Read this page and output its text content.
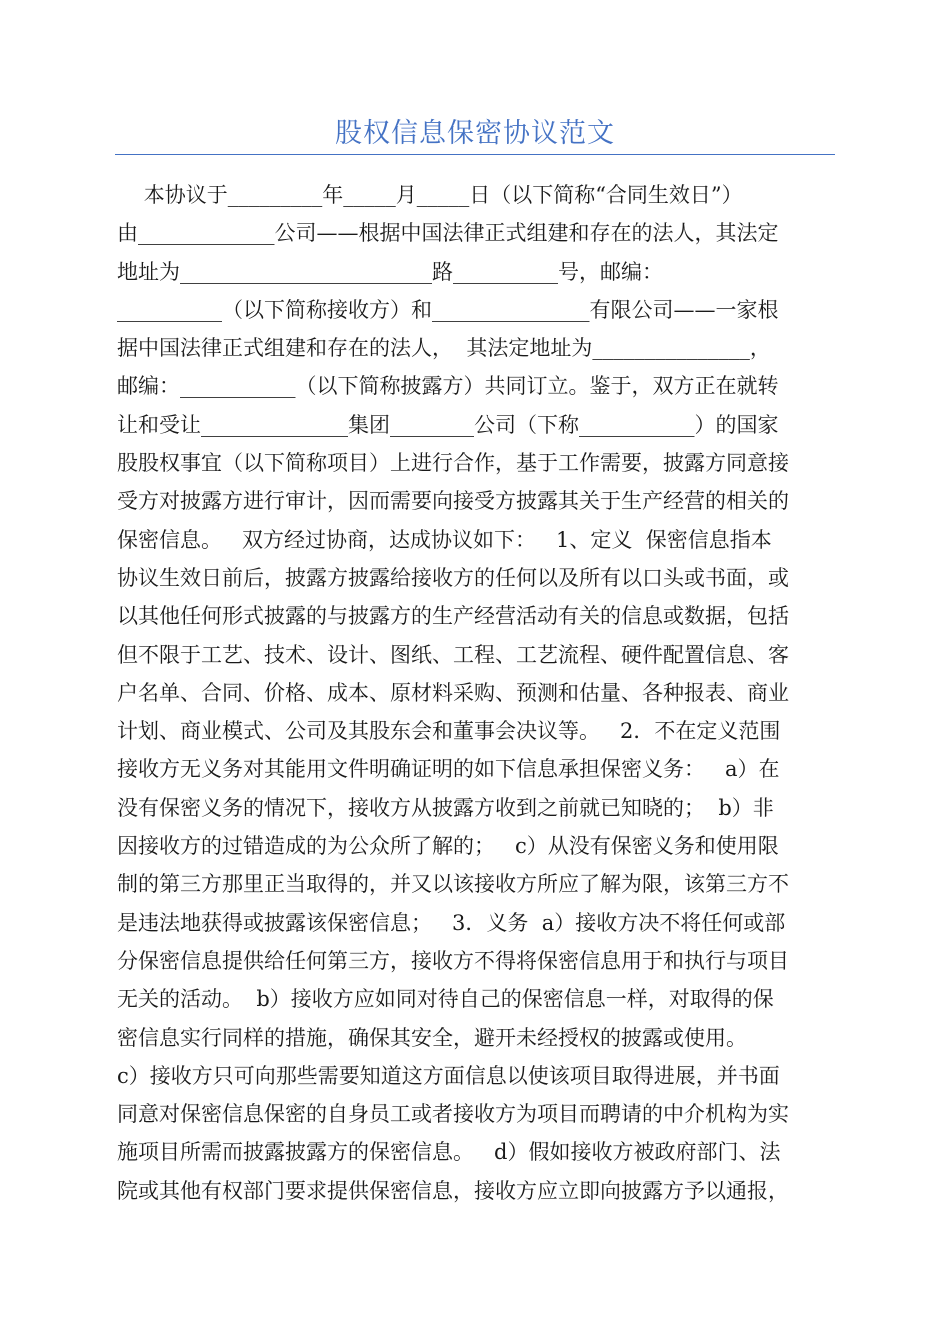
股权信息保密协议范文
本协议于_________年_____月_____日（以下简称“合同生效日”）
由_____________公司——根据中国法律正式组建和存在的法人，其法定
地址为________________________路__________号，邮编：
__________（以下简称接收方）和_______________有限公司——一家根
据中国法律正式组建和存在的法人，  其法定地址为_______________，
邮编：___________（以下简称披露方）共同订立。鉴于，双方正在就转
让和受让______________集团________公司（下称___________）的国家
股股权事宜（以下简称项目）上进行合作，基于工作需要，披露方同意接
受方对披露方进行审计，因而需要向接受方披露其关于生产经营的相关的
保密信息。   双方经过协商，达成协议如下：   1、定义  保密信息指本
协议生效日前后，披露方披露给接收方的任何以及所有以口头或书面，或
以其他任何形式披露的与披露方的生产经营活动有关的信息或数据，包括
但不限于工艺、技术、设计、图纸、工程、工艺流程、硬件配置信息、客
户名单、合同、价格、成本、原材料采购、预测和估量、各种报表、商业
计划、商业模式、公司及其股东会和董事会决议等。   2．不在定义范围
接收方无义务对其能用文件明确证明的如下信息承担保密义务：   a）在
没有保密义务的情况下，接收方从披露方收到之前就已知晓的；  b）非
因接收方的过错造成的为公众所了解的；   c）从没有保密义务和使用限
制的第三方那里正当取得的，并又以该接收方所应了解为限，该第三方不
是违法地获得或披露该保密信息；   3．义务  a）接收方决不将任何或部
分保密信息提供给任何第三方，接收方不得将保密信息用于和执行与项目
无关的活动。  b）接收方应如同对待自己的保密信息一样，对取得的保
密信息实行同样的措施，确保其安全，避开未经授权的披露或使用。
c）接收方只可向那些需要知道这方面信息以使该项目取得进展，并书面
同意对保密信息保密的自身员工或者接收方为项目而聘请的中介机构为实
施项目所需而披露披露方的保密信息。   d）假如接收方被政府部门、法
院或其他有权部门要求提供保密信息，接收方应立即向披露方予以通报，
